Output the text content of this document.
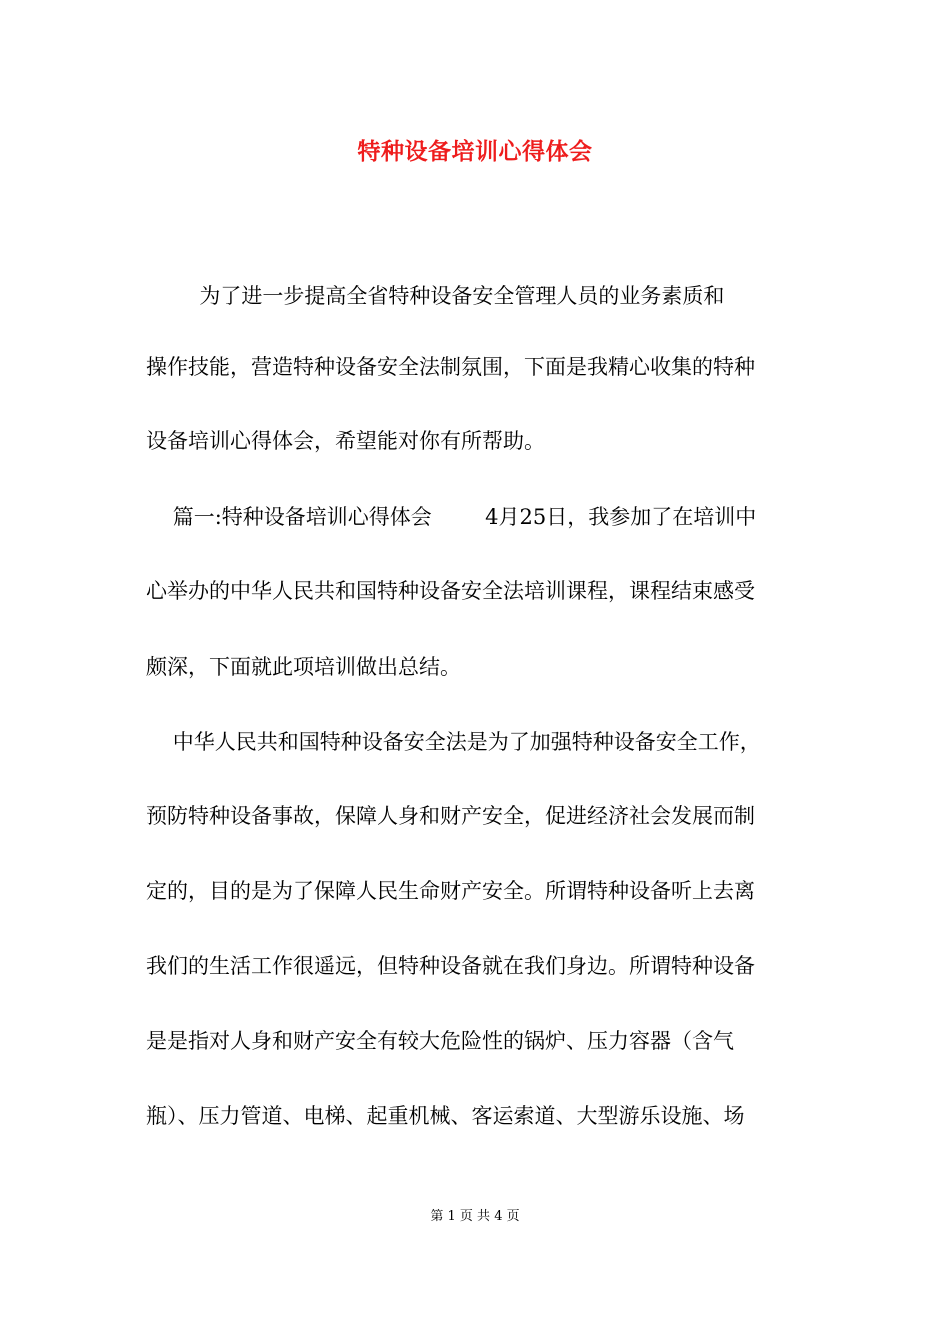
特种设备培训心得体会
为了进一步提高全省特种设备安全管理人员的业务素质和
操作技能，营造特种设备安全法制氛围，下面是我精心收集的特种
设备培训心得体会，希望能对你有所帮助。
篇一:特种设备培训心得体会        4月25日，我参加了在培训中
心举办的中华人民共和国特种设备安全法培训课程，课程结束感受
颇深，下面就此项培训做出总结。
中华人民共和国特种设备安全法是为了加强特种设备安全工作，
预防特种设备事故，保障人身和财产安全，促进经济社会发展而制
定的，目的是为了保障人民生命财产安全。所谓特种设备听上去离
我们的生活工作很遥远，但特种设备就在我们身边。所谓特种设备
是是指对人身和财产安全有较大危险性的锅炉、压力容器（含气
瓶）、压力管道、电梯、起重机械、客运索道、大型游乐设施、场
第 1 页 共 4 页
